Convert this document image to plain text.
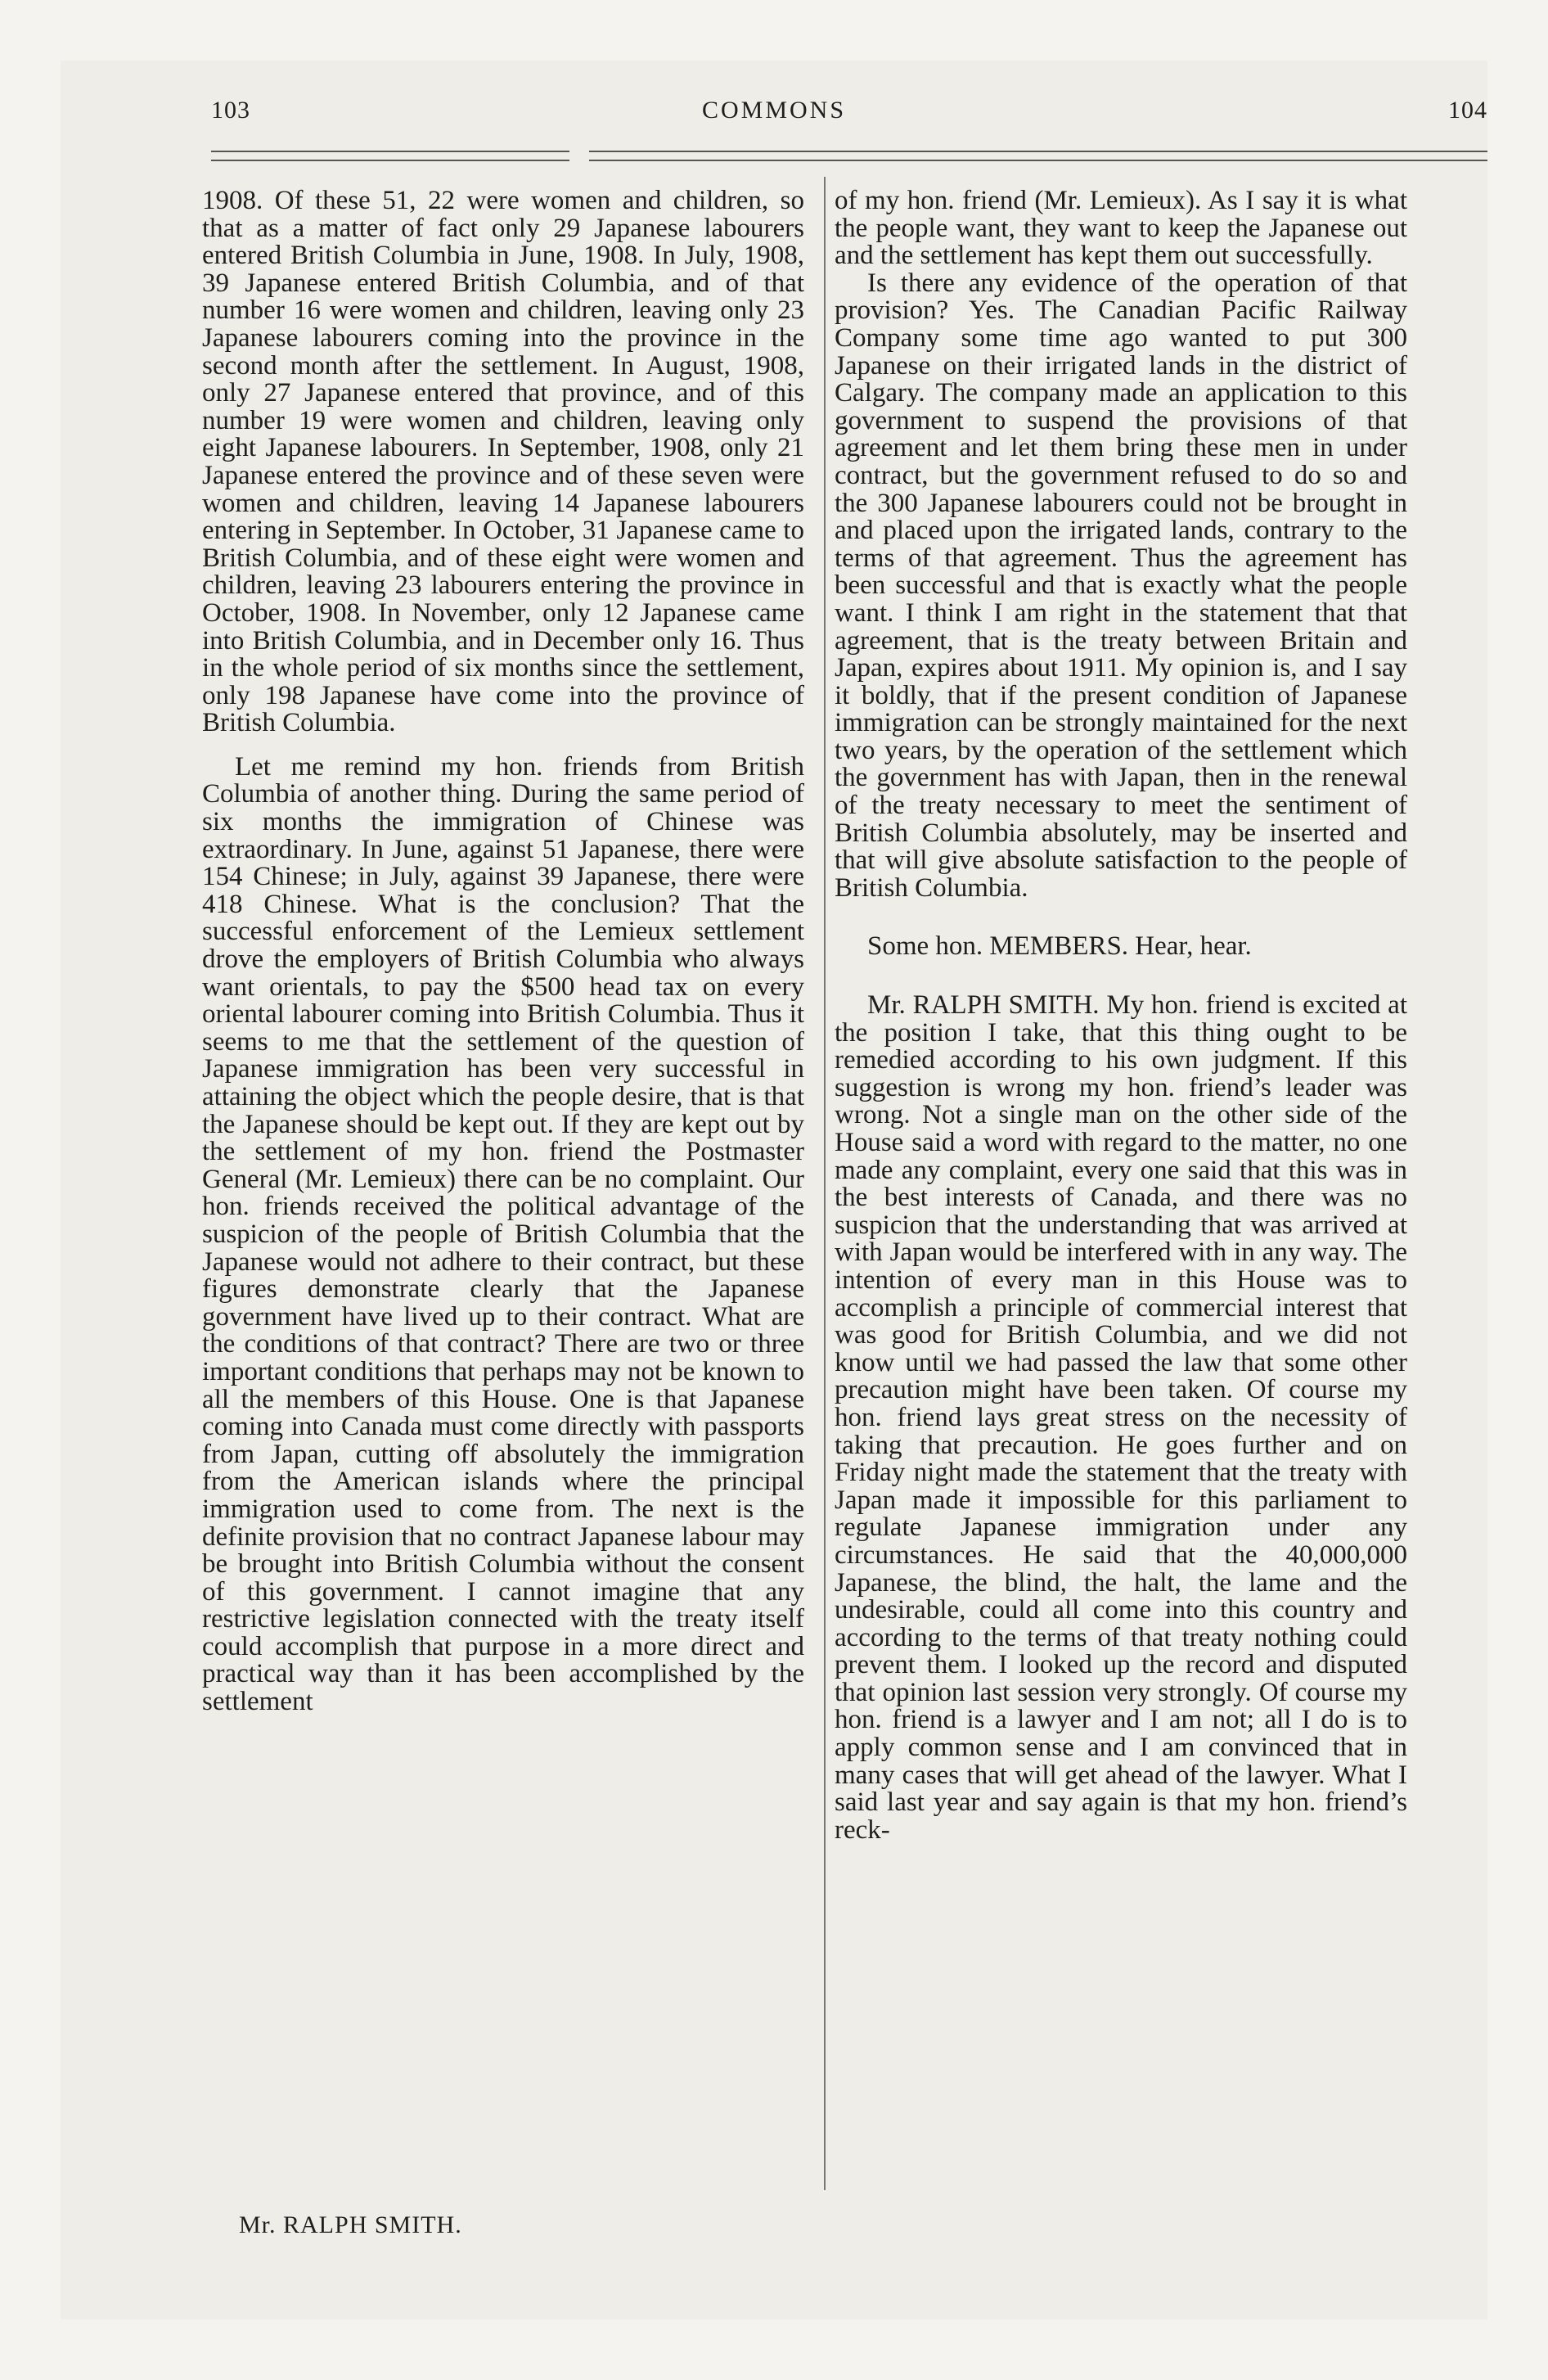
103	COMMONS	104

1908. Of these 51, 22 were women and children, so that as a matter of fact only 29 Japanese labourers entered British Columbia in June, 1908. In July, 1908, 39 Japanese entered British Columbia, and of that number 16 were women and children, leaving only 23 Japanese labourers coming into the province in the second month after the settlement. In August, 1908, only 27 Japanese entered that province, and of this number 19 were women and children, leaving only eight Japanese labourers. In September, 1908, only 21 Japanese entered the province and of these seven were women and children, leaving 14 Japanese labourers entering in September. In October, 31 Japanese came to British Columbia, and of these eight were women and children, leaving 23 labourers entering the province in October, 1908. In November, only 12 Japanese came into British Columbia, and in December only 16. Thus in the whole period of six months since the settlement, only 198 Japanese have come into the province of British Columbia.

Let me remind my hon. friends from British Columbia of another thing. During the same period of six months the immigration of Chinese was extraordinary. In June, against 51 Japanese, there were 154 Chinese; in July, against 39 Japanese, there were 418 Chinese. What is the conclusion? That the successful enforcement of the Lemieux settlement drove the employers of British Columbia who always want orientals, to pay the $500 head tax on every oriental labourer coming into British Columbia. Thus it seems to me that the settlement of the question of Japanese immigration has been very successful in attaining the object which the people desire, that is that the Japanese should be kept out. If they are kept out by the settlement of my hon. friend the Postmaster General (Mr. Lemieux) there can be no complaint. Our hon. friends received the political advantage of the suspicion of the people of British Columbia that the Japanese would not adhere to their contract, but these figures demonstrate clearly that the Japanese government have lived up to their contract. What are the conditions of that contract? There are two or three important conditions that perhaps may not be known to all the members of this House. One is that Japanese coming into Canada must come directly with passports from Japan, cutting off absolutely the immigration from the American islands where the principal immigration used to come from. The next is the definite provision that no contract Japanese labour may be brought into British Columbia without the consent of this government. I cannot imagine that any restrictive legislation connected with the treaty itself could accomplish that purpose in a more direct and practical way than it has been accomplished by the settlement

of my hon. friend (Mr. Lemieux). As I say it is what the people want, they want to keep the Japanese out and the settlement has kept them out successfully.

Is there any evidence of the operation of that provision? Yes. The Canadian Pacific Railway Company some time ago wanted to put 300 Japanese on their irrigated lands in the district of Calgary. The company made an application to this government to suspend the provisions of that agreement and let them bring these men in under contract, but the government refused to do so and the 300 Japanese labourers could not be brought in and placed upon the irrigated lands, contrary to the terms of that agreement. Thus the agreement has been successful and that is exactly what the people want. I think I am right in the statement that that agreement, that is the treaty between Britain and Japan, expires about 1911. My opinion is, and I say it boldly, that if the present condition of Japanese immigration can be strongly maintained for the next two years, by the operation of the settlement which the government has with Japan, then in the renewal of the treaty necessary to meet the sentiment of British Columbia absolutely, may be inserted and that will give absolute satisfaction to the people of British Columbia.

Some hon. MEMBERS. Hear, hear.

Mr. RALPH SMITH. My hon. friend is excited at the position I take, that this thing ought to be remedied according to his own judgment. If this suggestion is wrong my hon. friend’s leader was wrong. Not a single man on the other side of the House said a word with regard to the matter, no one made any complaint, every one said that this was in the best interests of Canada, and there was no suspicion that the understanding that was arrived at with Japan would be interfered with in any way. The intention of every man in this House was to accomplish a principle of commercial interest that was good for British Columbia, and we did not know until we had passed the law that some other precaution might have been taken. Of course my hon. friend lays great stress on the necessity of taking that precaution. He goes further and on Friday night made the statement that the treaty with Japan made it impossible for this parliament to regulate Japanese immigration under any circumstances. He said that the 40,000,000 Japanese, the blind, the halt, the lame and the undesirable, could all come into this country and according to the terms of that treaty nothing could prevent them. I looked up the record and disputed that opinion last session very strongly. Of course my hon. friend is a lawyer and I am not; all I do is to apply common sense and I am convinced that in many cases that will get ahead of the lawyer. What I said last year and say again is that my hon. friend’s reck-

Mr. RALPH SMITH.
